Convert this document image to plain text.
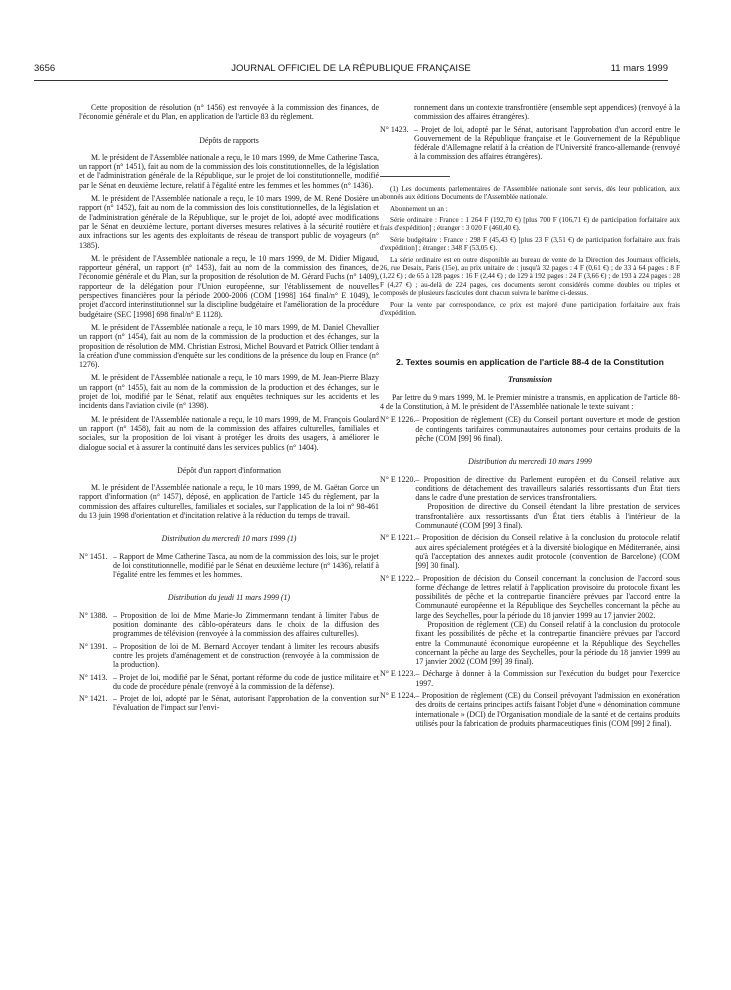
3656	JOURNAL OFFICIEL DE LA RÉPUBLIQUE FRANÇAISE	11 mars 1999

Cette proposition de résolution (n° 1456) est renvoyée à la commission des finances, de l'économie générale et du Plan, en application de l'article 83 du règlement.

Dépôts de rapports

M. le président de l'Assemblée nationale a reçu, le 10 mars 1999, de Mme Catherine Tasca, un rapport (n° 1451), fait au nom de la commission des lois constitutionnelles, de la législation et de l'administration générale de la République, sur le projet de loi constitutionnelle, modifié par le Sénat en deuxième lecture, relatif à l'égalité entre les femmes et les hommes (n° 1436).

M. le président de l'Assemblée nationale a reçu, le 10 mars 1999, de M. René Dosière un rapport (n° 1452), fait au nom de la commission des lois constitutionnelles, de la législation et de l'administration générale de la République, sur le projet de loi, adopté avec modifications par le Sénat en deuxième lecture, portant diverses mesures relatives à la sécurité routière et aux infractions sur les agents des exploitants de réseau de transport public de voyageurs (n° 1385).

M. le président de l'Assemblée nationale a reçu, le 10 mars 1999, de M. Didier Migaud, rapporteur général, un rapport (n° 1453), fait au nom de la commission des finances, de l'économie générale et du Plan, sur la proposition de résolution de M. Gérard Fuchs (n° 1409), rapporteur de la délégation pour l'Union européenne, sur l'établissement de nouvelles perspectives financières pour la période 2000-2006 (COM [1998] 164 final/n° E 1049), le projet d'accord interinstitutionnel sur la discipline budgétaire et l'amélioration de la procédure budgétaire (SEC [1998] 698 final/n° E 1128).

M. le président de l'Assemblée nationale a reçu, le 10 mars 1999, de M. Daniel Chevallier un rapport (n° 1454), fait au nom de la commission de la production et des échanges, sur la proposition de résolution de MM. Christian Estrosi, Michel Bouvard et Patrick Ollier tendant à la création d'une commission d'enquête sur les conditions de la présence du loup en France (n° 1276).

M. le président de l'Assemblée nationale a reçu, le 10 mars 1999, de M. Jean-Pierre Blazy un rapport (n° 1455), fait au nom de la commission de la production et des échanges, sur le projet de loi, modifié par le Sénat, relatif aux enquêtes techniques sur les accidents et les incidents dans l'aviation civile (n° 1398).

M. le président de l'Assemblée nationale a reçu, le 10 mars 1999, de M. François Goulard un rapport (n° 1458), fait au nom de la commission des affaires culturelles, familiales et sociales, sur la proposition de loi visant à protéger les droits des usagers, à améliorer le dialogue social et à assurer la continuité dans les services publics (n° 1404).

Dépôt d'un rapport d'information

M. le président de l'Assemblée nationale a reçu, le 10 mars 1999, de M. Gaëtan Gorce un rapport d'information (n° 1457), déposé, en application de l'article 145 du règlement, par la commission des affaires culturelles, familiales et sociales, sur l'application de la loi n° 98-461 du 13 juin 1998 d'orientation et d'incitation relative à la réduction du temps de travail.

Distribution du mercredi 10 mars 1999 (1)

N° 1451. – Rapport de Mme Catherine Tasca, au nom de la commission des lois, sur le projet de loi constitutionnelle, modifié par le Sénat en deuxième lecture (n° 1436), relatif à l'égalité entre les femmes et les hommes.

Distribution du jeudi 11 mars 1999 (1)

N° 1388. – Proposition de loi de Mme Marie-Jo Zimmermann tendant à limiter l'abus de position dominante des câblo-opérateurs dans le choix de la diffusion des programmes de télévision (renvoyée à la commission des affaires culturelles).
N° 1391. – Proposition de loi de M. Bernard Accoyer tendant à limiter les recours abusifs contre les projets d'aménagement et de construction (renvoyée à la commission de la production).
N° 1413. – Projet de loi, modifié par le Sénat, portant réforme du code de justice militaire et du code de procédure pénale (renvoyé à la commission de la défense).
N° 1421. – Projet de loi, adopté par le Sénat, autorisant l'approbation de la convention sur l'évaluation de l'impact sur l'envi-

ronnement dans un contexte transfrontière (ensemble sept appendices) (renvoyé à la commission des affaires étrangères).

N° 1423. – Projet de loi, adopté par le Sénat, autorisant l'approbation d'un accord entre le Gouvernement de la République française et le Gouvernement de la République fédérale d'Allemagne relatif à la création de l'Université franco-allemande (renvoyé à la commission des affaires étrangères).

(1) Les documents parlementaires de l'Assemblée nationale sont servis, dès leur publication, aux abonnés aux éditions Documents de l'Assemblée nationale.

Abonnement un an :

Série ordinaire : France : 1 264 F (192,70 €) [plus 700 F (106,71 €) de participation forfaitaire aux frais d'expédition] ; étranger : 3 020 F (460,40 €).

Série budgétaire : France : 298 F (45,43 €) [plus 23 F (3,51 €) de participation forfaitaire aux frais d'expédition] ; étranger : 348 F (53,05 €).

La série ordinaire est en outre disponible au bureau de vente de la Direction des Journaux officiels, 26, rue Desaix, Paris (15e), au prix unitaire de : jusqu'à 32 pages : 4 F (0,61 €) ; de 33 à 64 pages : 8 F (1,22 €) ; de 65 à 128 pages : 16 F (2,44 €) ; de 129 à 192 pages : 24 F (3,66 €) ; de 193 à 224 pages : 28 F (4,27 €) ; au-delà de 224 pages, ces documents seront considérés comme doubles ou triples et composés de plusieurs fascicules dont chacun suivra le barème ci-dessus.

Pour la vente par correspondance, ce prix est majoré d'une participation forfaitaire aux frais d'expédition.

2. Textes soumis en application de l'article 88-4 de la Constitution

Transmission

Par lettre du 9 mars 1999, M. le Premier ministre a transmis, en application de l'article 88-4 de la Constitution, à M. le président de l'Assemblée nationale le texte suivant :

N° E 1226. – Proposition de règlement (CE) du Conseil portant ouverture et mode de gestion de contingents tarifaires communautaires autonomes pour certains produits de la pêche (COM [99] 96 final).

Distribution du mercredi 10 mars 1999

N° E 1220. – Proposition de directive du Parlement européen et du Conseil relative aux conditions de détachement des travailleurs salariés ressortissants d'un État tiers dans le cadre d'une prestation de services transfrontaliers.
Proposition de directive du Conseil étendant la libre prestation de services transfrontalière aux ressortissants d'un État tiers établis à l'intérieur de la Communauté (COM [99] 3 final).
N° E 1221. – Proposition de décision du Conseil relative à la conclusion du protocole relatif aux aires spécialement protégées et à la diversité biologique en Méditerranée, ainsi qu'à l'acceptation des annexes audit protocole (convention de Barcelone) (COM [99] 30 final).
N° E 1222. – Proposition de décision du Conseil concernant la conclusion de l'accord sous forme d'échange de lettres relatif à l'application provisoire du protocole fixant les possibilités de pêche et la contrepartie financière prévues par l'accord entre la Communauté européenne et la République des Seychelles concernant la pêche au large des Seychelles, pour la période du 18 janvier 1999 au 17 janvier 2002.
Proposition de règlement (CE) du Conseil relatif à la conclusion du protocole fixant les possibilités de pêche et la contrepartie financière prévues par l'accord entre la Communauté économique européenne et la République des Seychelles concernant la pêche au large des Seychelles, pour la période du 18 janvier 1999 au 17 janvier 2002 (COM [99] 39 final).
N° E 1223. – Décharge à donner à la Commission sur l'exécution du budget pour l'exercice 1997.
N° E 1224. – Proposition de règlement (CE) du Conseil prévoyant l'admission en exonération des droits de certains principes actifs faisant l'objet d'une « dénomination commune internationale » (DCI) de l'Organisation mondiale de la santé et de certains produits utilisés pour la fabrication de produits pharmaceutiques finis (COM [99] 2 final).
